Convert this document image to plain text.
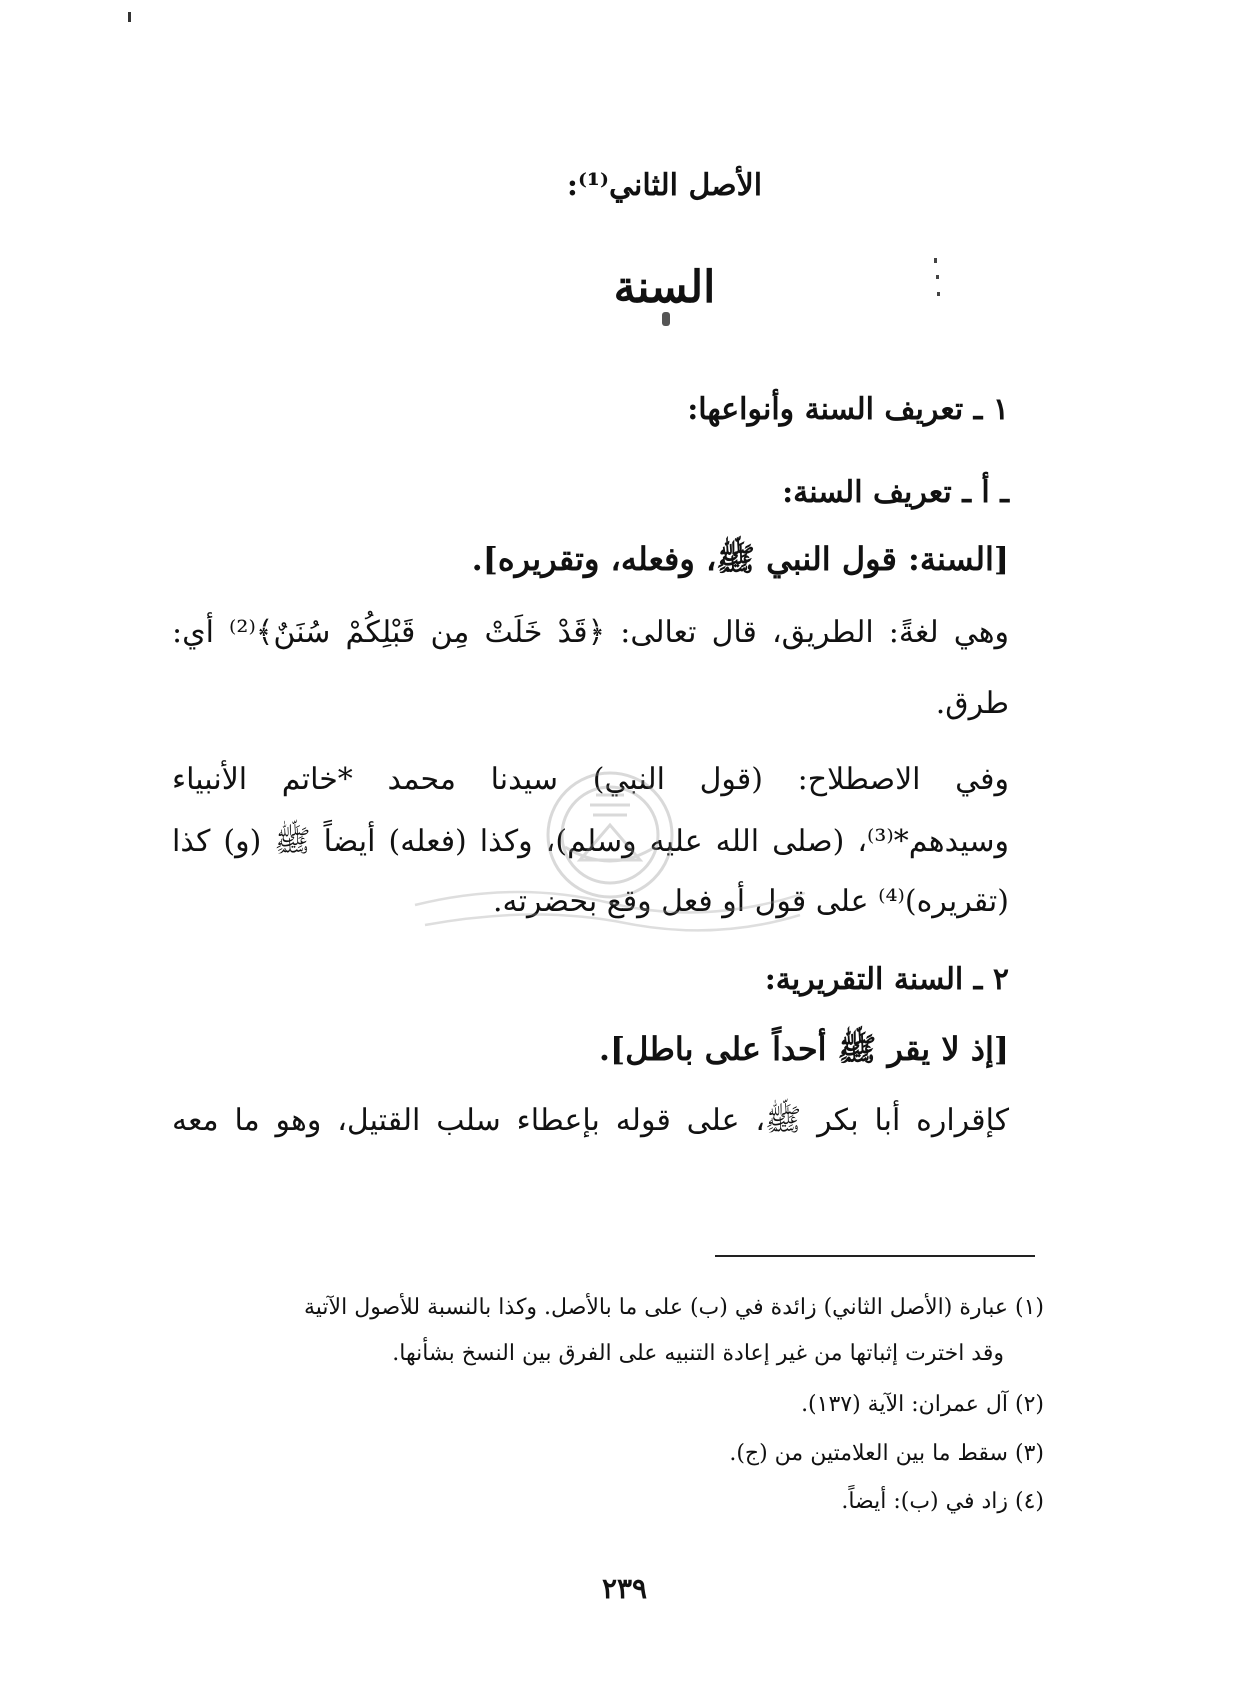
الأصل الثاني⁽¹⁾:
السنة
١ ـ تعريف السنة وأنواعها:
ـ أ ـ تعريف السنة:
[السنة: قول النبي ﷺ، وفعله، وتقريره].
وهي لغةً: الطريق، قال تعالى: ﴿قَدْ خَلَتْ مِن قَبْلِكُمْ سُنَنٌ﴾⁽²⁾ أي:
طرق.
وفي الاصطلاح: (قول النبي) سيدنا محمد *خاتم الأنبياء
وسيدهم*⁽³⁾، (صلى الله عليه وسلم)، وكذا (فعله) أيضاً ﷺ (و) كذا
(تقريره)⁽⁴⁾ على قول أو فعل وقع بحضرته.
٢ ـ السنة التقريرية:
[إذ لا يقر ﷺ أحداً على باطل].
كإقراره أبا بكر ﷺ، على قوله بإعطاء سلب القتيل، وهو ما معه
(١) عبارة (الأصل الثاني) زائدة في (ب) على ما بالأصل. وكذا بالنسبة للأصول الآتية
وقد اخترت إثباتها من غير إعادة التنبيه على الفرق بين النسخ بشأنها.
(٢) آل عمران: الآية (١٣٧).
(٣) سقط ما بين العلامتين من (ج).
(٤) زاد في (ب): أيضاً.
٢٣٩
